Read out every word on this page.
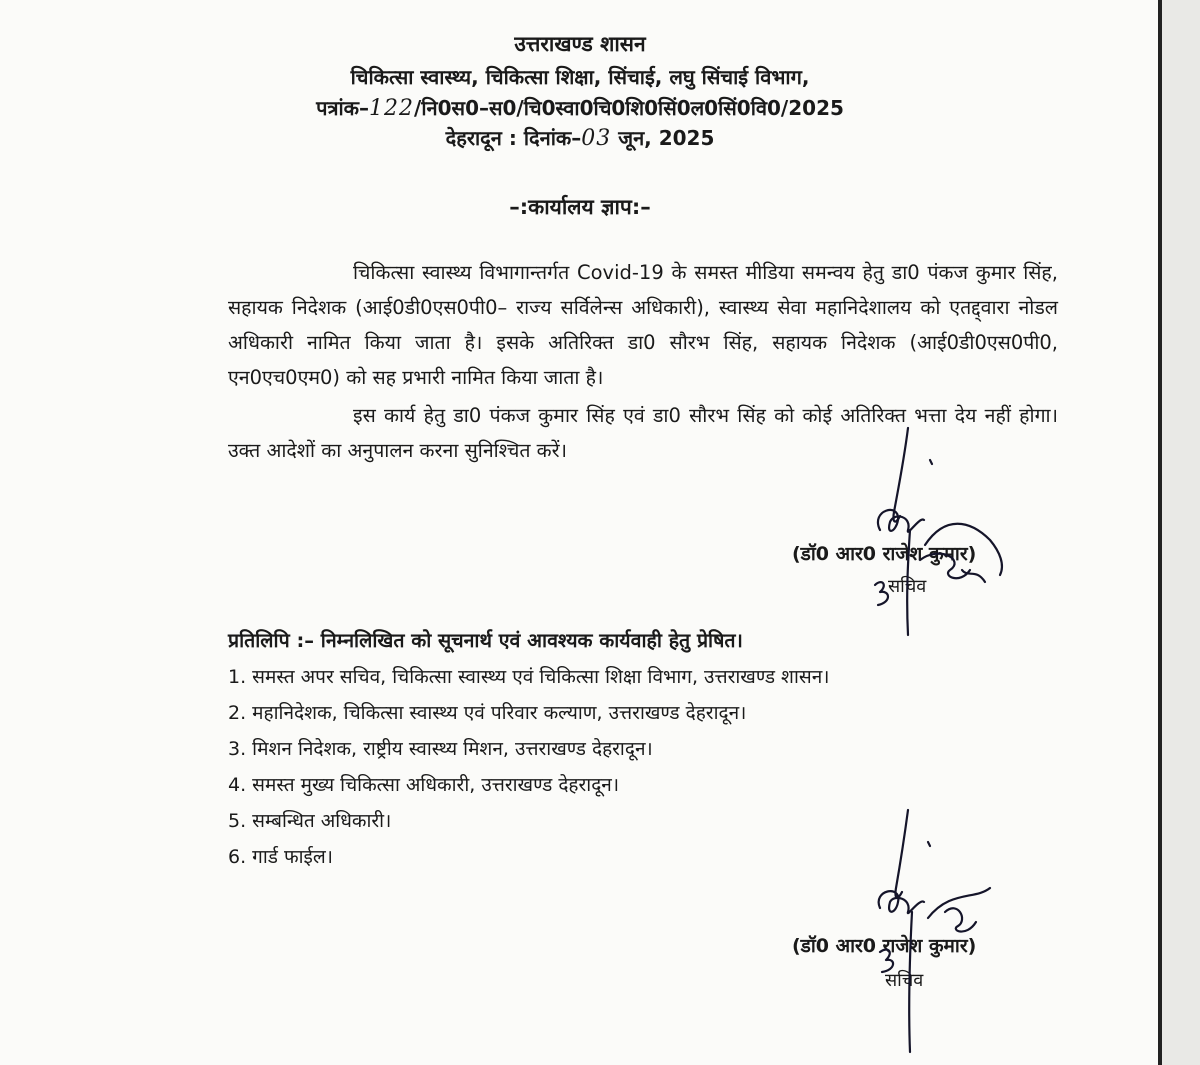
उत्तराखण्ड शासन
चिकित्सा स्वास्थ्य, चिकित्सा शिक्षा, सिंचाई, लघु सिंचाई विभाग,
पत्रांक–122/नि0स0–स0/चि0स्वा0चि0शि0सिं0ल0सिं0वि0/2025
देहरादून : दिनांक–03 जून, 2025
–:कार्यालय ज्ञाप:–
चिकित्सा स्वास्थ्य विभागान्तर्गत Covid-19 के समस्त मीडिया समन्वय हेतु डा0 पंकज कुमार सिंह, सहायक निदेशक (आई0डी0एस0पी0– राज्य सर्विलेन्स अधिकारी), स्वास्थ्य सेवा महानिदेशालय को एतद्द्वारा नोडल अधिकारी नामित किया जाता है। इसके अतिरिक्त डा0 सौरभ सिंह, सहायक निदेशक (आई0डी0एस0पी0, एन0एच0एम0) को सह प्रभारी नामित किया जाता है।
इस कार्य हेतु डा0 पंकज कुमार सिंह एवं डा0 सौरभ सिंह को कोई अतिरिक्त भत्ता देय नहीं होगा। उक्त आदेशों का अनुपालन करना सुनिश्चित करें।
(डॉ0 आर0 राजेश कुमार)
सचिव
प्रतिलिपि :– निम्नलिखित को सूचनार्थ एवं आवश्यक कार्यवाही हेतु प्रेषित।
1. समस्त अपर सचिव, चिकित्सा स्वास्थ्य एवं चिकित्सा शिक्षा विभाग, उत्तराखण्ड शासन।
2. महानिदेशक, चिकित्सा स्वास्थ्य एवं परिवार कल्याण, उत्तराखण्ड देहरादून।
3. मिशन निदेशक, राष्ट्रीय स्वास्थ्य मिशन, उत्तराखण्ड देहरादून।
4. समस्त मुख्य चिकित्सा अधिकारी, उत्तराखण्ड देहरादून।
5. सम्बन्धित अधिकारी।
6. गार्ड फाईल।
(डॉ0 आर0 राजेश कुमार)
सचिव
